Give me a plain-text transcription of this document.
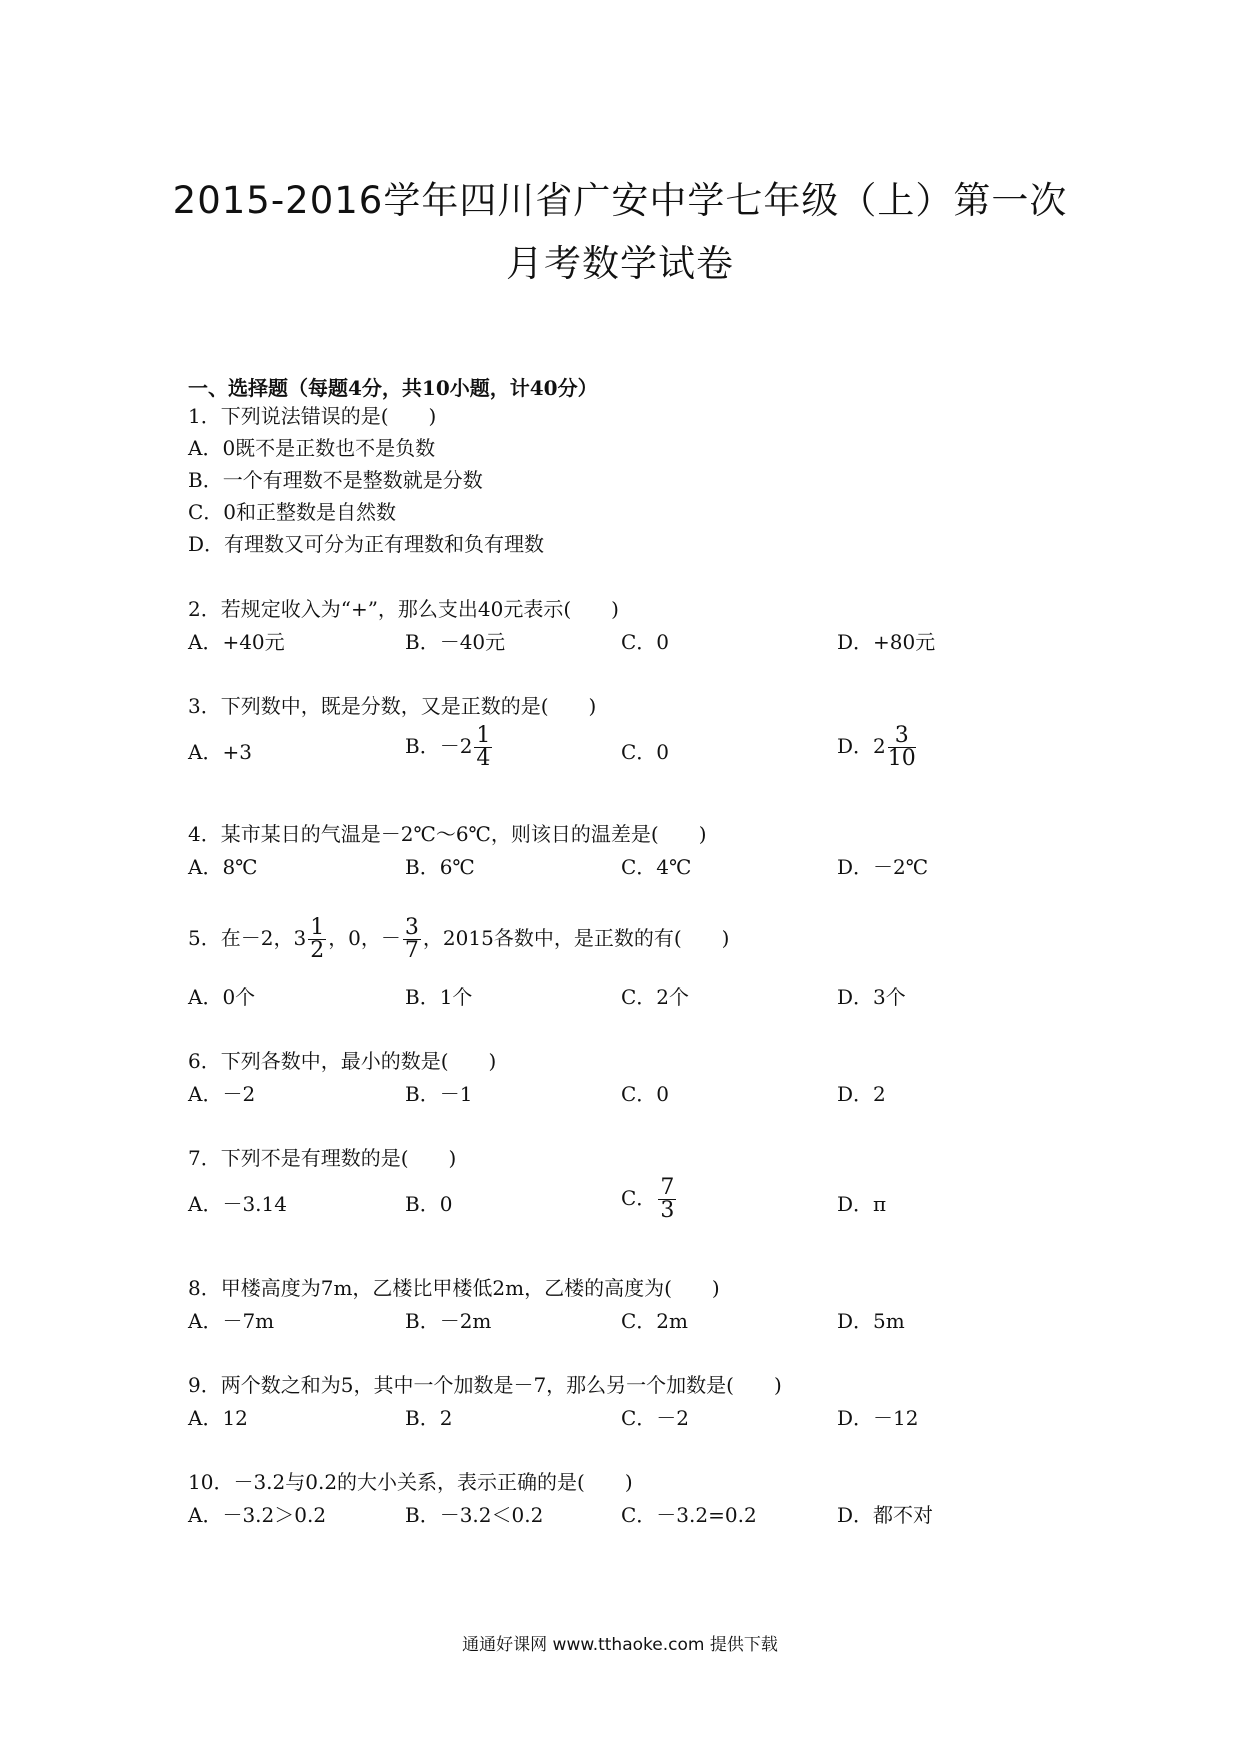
2015-2016学年四川省广安中学七年级（上）第一次
月考数学试卷
一、选择题（每题4分，共10小题，计40分）
1．下列说法错误的是(　　)
A．0既不是正数也不是负数
B．一个有理数不是整数就是分数
C．0和正整数是自然数
D．有理数又可分为正有理数和负有理数
2．若规定收入为“+”，那么支出40元表示(　　)
A．+40元	B．－40元	C．0	D．+80元
3．下列数中，既是分数，又是正数的是(　　)
A．+3	B．$-2 \frac{1}{4}$	C．0	D．$2 \frac{3}{10}$
4．某市某日的气温是－2℃～6℃，则该日的温差是(　　)
A．8℃	B．6℃	C．4℃	D．－2℃
5．在－2，$3 \frac{1}{2}$ ，0，－ $\frac{3}{7}$ ，2015各数中，是正数的有(　　)
A．0个	B．1个	C．2个	D．3个
6．下列各数中，最小的数是(　　)
A．－2	B．－1	C．0	D．2
7．下列不是有理数的是(　　)
A．－3.14	B．0	C． $\frac{7}{3}$	D．π
8．甲楼高度为7m，乙楼比甲楼低2m，乙楼的高度为(　　)
A．－7m	B．－2m	C．2m	D．5m
9．两个数之和为5，其中一个加数是－7，那么另一个加数是(　　)
A．12	B．2	C．－2	D．－12
10．－3.2与0.2的大小关系，表示正确的是(　　)
A．－3.2＞0.2	B．－3.2＜0.2	C．－3.2=0.2	D．都不对
通通好课网 www.tthaoke.com 提供下载
